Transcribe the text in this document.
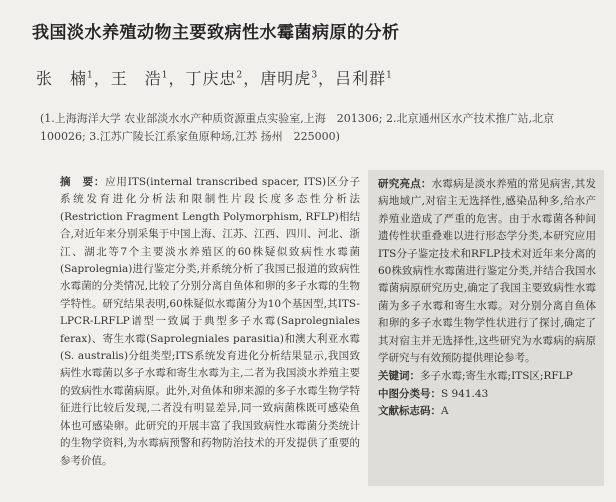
我国淡水养殖动物主要致病性水霉菌病原的分析
张　楠$^1$，王　浩$^1$，丁庆忠$^2$，唐明虎$^3$，吕利群$^1$
(1.上海海洋大学 农业部淡水水产种质资源重点实验室,上海　201306; 2.北京通州区水产技术推广站,北京　100026; 3.江苏广陵长江系家鱼原种场,江苏 扬州　225000)
摘　要：应用ITS(internal transcribed spacer, ITS)区分子系统发育进化分析法和限制性片段长度多态性分析法(Restriction Fragment Length Polymorphism, RFLP)相结合,对近年来分别采集于中国上海、江苏、江西、四川、河北、浙江、湖北等7个主要淡水养殖区的60株疑似致病性水霉菌(Saprolegnia)进行鉴定分类,并系统分析了我国已报道的致病性水霉菌的分类情况,比较了分别分离自鱼体和卵的多子水霉的生物学特性。研究结果表明,60株疑似水霉菌分为10个基因型,其ITS-LPCR-LRFLP谱型一致属于典型多子水霉(Saprolegniales ferax)、寄生水霉(Saprolegniales parasitia)和澳大利亚水霉(S. australis)分组类型;ITS系统发育进化分析结果显示,我国致病性水霉菌以多子水霉和寄生水霉为主,二者为我国淡水养殖主要的致病性水霉菌病原。此外,对鱼体和卵来源的多子水霉生物学特征进行比较后发现,二者没有明显差异,同一致病菌株既可感染鱼体也可感染卵。此研究的开展丰富了我国致病性水霉菌分类统计的生物学资料,为水霉病预警和药物防治技术的开发提供了重要的参考价值。

研究亮点：水霉病是淡水养殖的常见病害,其发病地域广,对宿主无选择性,感染品种多,给水产养殖业造成了严重的危害。由于水霉菌各种间遗传性状重叠难以进行形态学分类,本研究应用ITS分子鉴定技术和RFLP技术对近年来分离的60株致病性水霉菌进行鉴定分类,并结合我国水霉菌病原研究历史,确定了我国主要致病性水霉菌为多子水霉和寄生水霉。对分别分离自鱼体和卵的多子水霉生物学性状进行了探讨,确定了其对宿主并无选择性,这些研究为水霉病的病原学研究与有效预防提供理论参考。

关键词：多子水霉;寄生水霉;ITS区;RFLP

中图分类号：S 941.43

文献标志码：A
